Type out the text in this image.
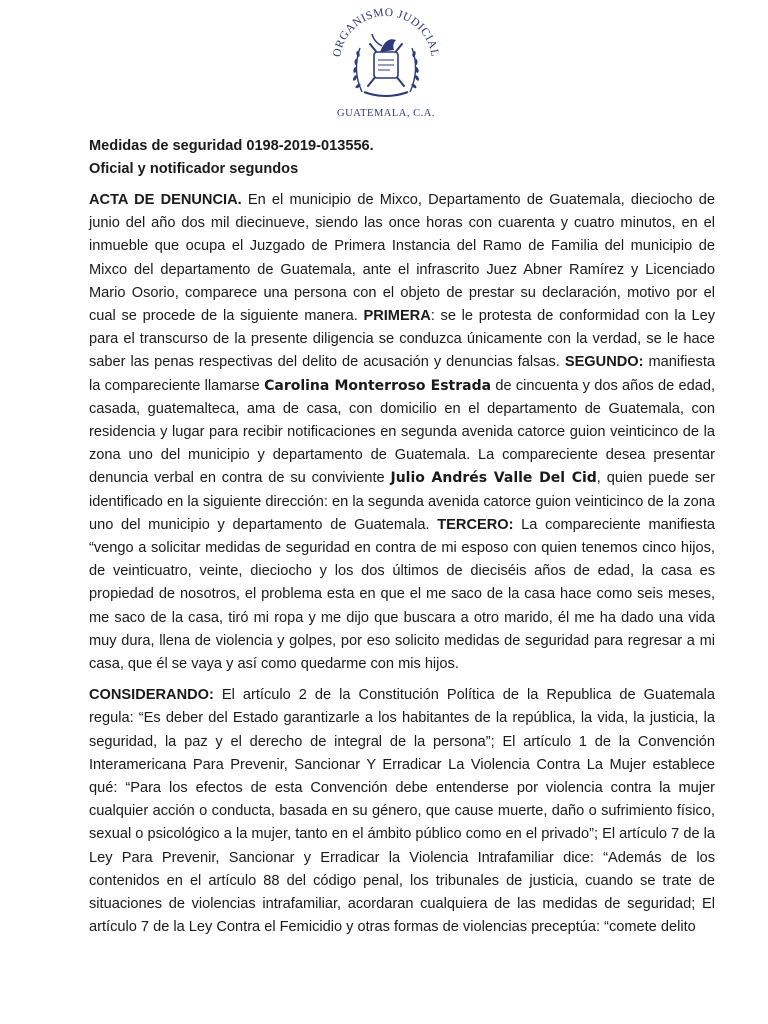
ORGANISMO JUDICIAL
GUATEMALA, C.A.
Medidas de seguridad 0198-2019-013556.
Oficial y notificador segundos

ACTA DE DENUNCIA. En el municipio de Mixco, Departamento de Guatemala, dieciocho de junio del año dos mil diecinueve, siendo las once horas con cuarenta y cuatro minutos, en el inmueble que ocupa el Juzgado de Primera Instancia del Ramo de Familia del municipio de Mixco del departamento de Guatemala, ante el infrascrito Juez Abner Ramírez y Licenciado Mario Osorio, comparece una persona con el objeto de prestar su declaración, motivo por el cual se procede de la siguiente manera. PRIMERA: se le protesta de conformidad con la Ley para el transcurso de la presente diligencia se conduzca únicamente con la verdad, se le hace saber las penas respectivas del delito de acusación y denuncias falsas. SEGUNDO: manifiesta la compareciente llamarse Carolina Monterroso Estrada de cincuenta y dos años de edad, casada, guatemalteca, ama de casa, con domicilio en el departamento de Guatemala, con residencia y lugar para recibir notificaciones en segunda avenida catorce guion veinticinco de la zona uno del municipio y departamento de Guatemala. La compareciente desea presentar denuncia verbal en contra de su conviviente Julio Andrés Valle Del Cid, quien puede ser identificado en la siguiente dirección: en la segunda avenida catorce guion veinticinco de la zona uno del municipio y departamento de Guatemala. TERCERO: La compareciente manifiesta “vengo a solicitar medidas de seguridad en contra de mi esposo con quien tenemos cinco hijos, de veinticuatro, veinte, dieciocho y los dos últimos de dieciséis años de edad, la casa es propiedad de nosotros, el problema esta en que el me saco de la casa hace como seis meses, me saco de la casa, tiró mi ropa y me dijo que buscara a otro marido, él me ha dado una vida muy dura, llena de violencia y golpes, por eso solicito medidas de seguridad para regresar a mi casa, que él se vaya y así como quedarme con mis hijos.

CONSIDERANDO: El artículo 2 de la Constitución Política de la Republica de Guatemala regula: “Es deber del Estado garantizarle a los habitantes de la república, la vida, la justicia, la seguridad, la paz y el derecho de integral de la persona”; El artículo 1 de la Convención Interamericana Para Prevenir, Sancionar Y Erradicar La Violencia Contra La Mujer establece qué: “Para los efectos de esta Convención debe entenderse por violencia contra la mujer cualquier acción o conducta, basada en su género, que cause muerte, daño o sufrimiento físico, sexual o psicológico a la mujer, tanto en el ámbito público como en el privado”; El artículo 7 de la Ley Para Prevenir, Sancionar y Erradicar la Violencia Intrafamiliar dice: “Además de los contenidos en el artículo 88 del código penal, los tribunales de justicia, cuando se trate de situaciones de violencias intrafamiliar, acordaran cualquiera de las medidas de seguridad; El artículo 7 de la Ley Contra el Femicidio y otras formas de violencias preceptúa: “comete delito
